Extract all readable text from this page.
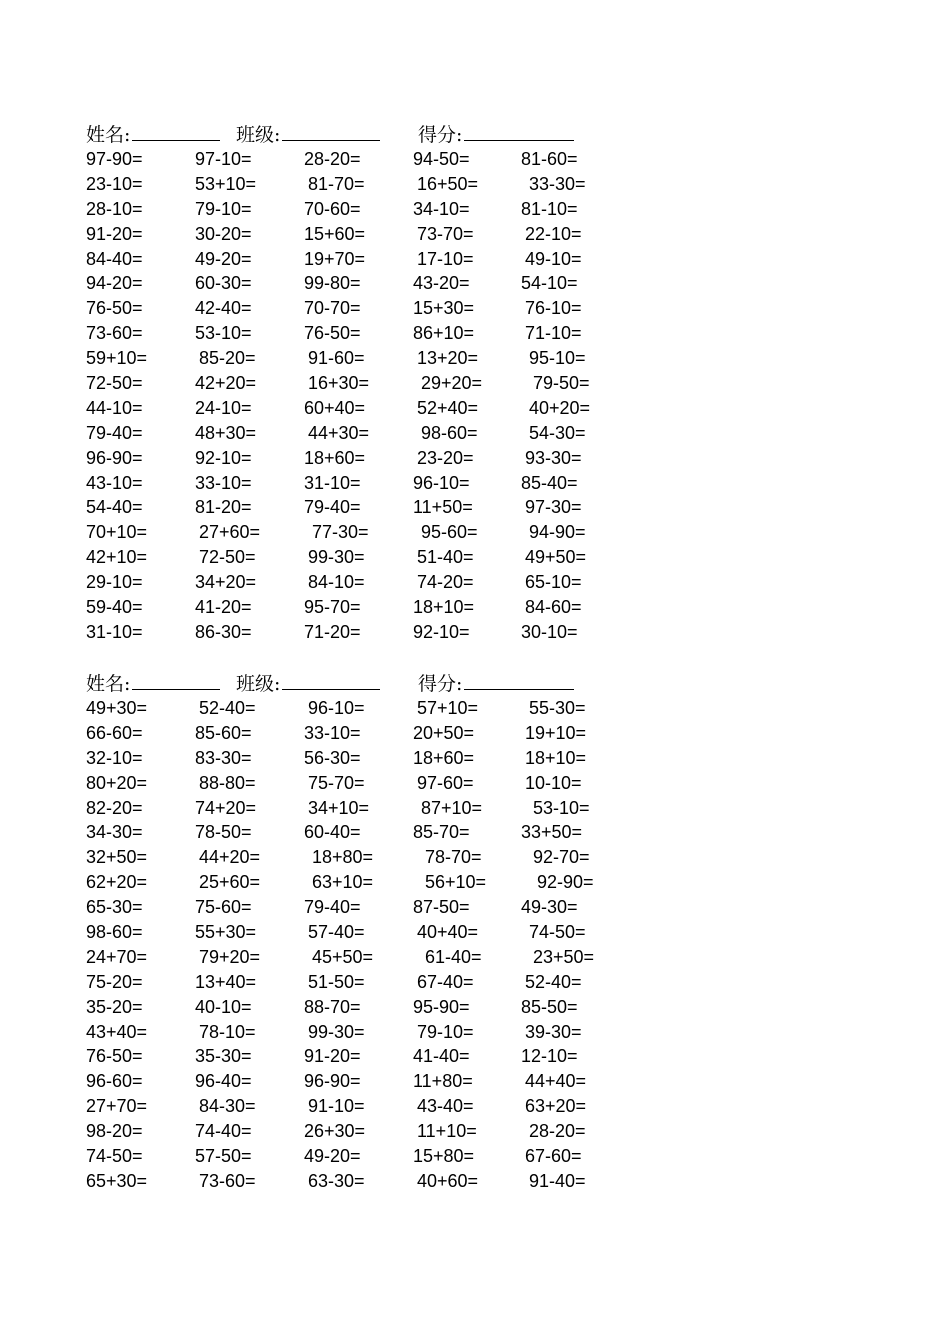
姓名:	班级:	得分:
97-90=	97-10=	28-20=	94-50=	81-60=
23-10=	53+10=	81-70=	16+50=	33-30=
28-10=	79-10=	70-60=	34-10=	81-10=
91-20=	30-20=	15+60=	73-70=	22-10=
84-40=	49-20=	19+70=	17-10=	49-10=
94-20=	60-30=	99-80=	43-20=	54-10=
76-50=	42-40=	70-70=	15+30=	76-10=
73-60=	53-10=	76-50=	86+10=	71-10=
59+10=	85-20=	91-60=	13+20=	95-10=
72-50=	42+20=	16+30=	29+20=	79-50=
44-10=	24-10=	60+40=	52+40=	40+20=
79-40=	48+30=	44+30=	98-60=	54-30=
96-90=	92-10=	18+60=	23-20=	93-30=
43-10=	33-10=	31-10=	96-10=	85-40=
54-40=	81-20=	79-40=	11+50=	97-30=
70+10=	27+60=	77-30=	95-60=	94-90=
42+10=	72-50=	99-30=	51-40=	49+50=
29-10=	34+20=	84-10=	74-20=	65-10=
59-40=	41-20=	95-70=	18+10=	84-60=
31-10=	86-30=	71-20=	92-10=	30-10=
姓名:	班级:	得分:
49+30=	52-40=	96-10=	57+10=	55-30=
66-60=	85-60=	33-10=	20+50=	19+10=
32-10=	83-30=	56-30=	18+60=	18+10=
80+20=	88-80=	75-70=	97-60=	10-10=
82-20=	74+20=	34+10=	87+10=	53-10=
34-30=	78-50=	60-40=	85-70=	33+50=
32+50=	44+20=	18+80=	78-70=	92-70=
62+20=	25+60=	63+10=	56+10=	92-90=
65-30=	75-60=	79-40=	87-50=	49-30=
98-60=	55+30=	57-40=	40+40=	74-50=
24+70=	79+20=	45+50=	61-40=	23+50=
75-20=	13+40=	51-50=	67-40=	52-40=
35-20=	40-10=	88-70=	95-90=	85-50=
43+40=	78-10=	99-30=	79-10=	39-30=
76-50=	35-30=	91-20=	41-40=	12-10=
96-60=	96-40=	96-90=	11+80=	44+40=
27+70=	84-30=	91-10=	43-40=	63+20=
98-20=	74-40=	26+30=	11+10=	28-20=
74-50=	57-50=	49-20=	15+80=	67-60=
65+30=	73-60=	63-30=	40+60=	91-40=
